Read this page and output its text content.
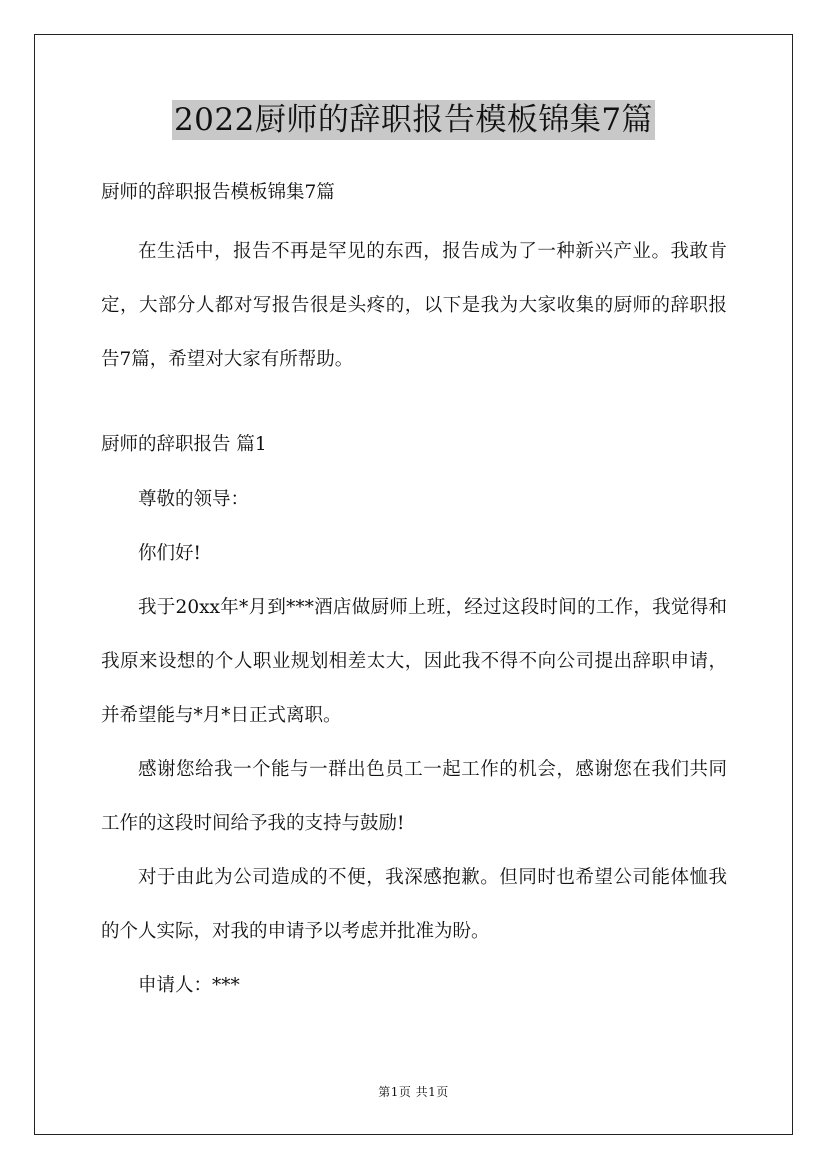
2022厨师的辞职报告模板锦集7篇
厨师的辞职报告模板锦集7篇

在生活中，报告不再是罕见的东西，报告成为了一种新兴产业。我敢肯定，大部分人都对写报告很是头疼的，以下是我为大家收集的厨师的辞职报告7篇，希望对大家有所帮助。

厨师的辞职报告 篇1

尊敬的领导：

你们好!

我于20xx年*月到***酒店做厨师上班，经过这段时间的工作，我觉得和我原来设想的个人职业规划相差太大，因此我不得不向公司提出辞职申请，并希望能与*月*日正式离职。

感谢您给我一个能与一群出色员工一起工作的机会，感谢您在我们共同工作的这段时间给予我的支持与鼓励!

对于由此为公司造成的不便，我深感抱歉。但同时也希望公司能体恤我的个人实际，对我的申请予以考虑并批准为盼。

申请人：***

第1页 共1页
